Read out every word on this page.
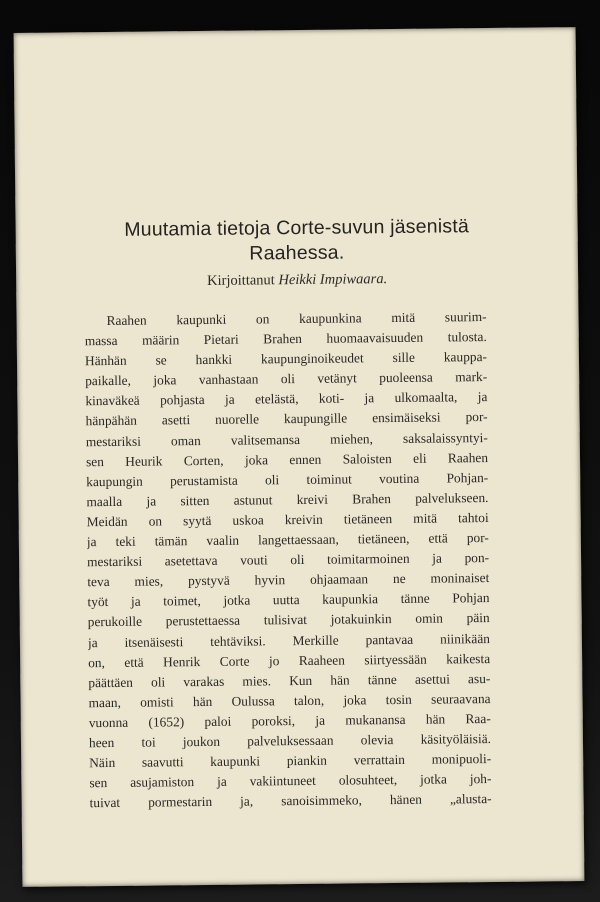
Muutamia tietoja Corte-suvun jäsenistä
Raahessa.
Kirjoittanut Heikki Impiwaara.
Raahen kaupunki on kaupunkina mitä suurim-
massa määrin Pietari Brahen huomaavaisuuden tulosta.
Hänhän se hankki kaupunginoikeudet sille kauppa-
paikalle, joka vanhastaan oli vetänyt puoleensa mark-
kinaväkeä pohjasta ja etelästä, koti- ja ulkomaalta, ja
hänpähän asetti nuorelle kaupungille ensimäiseksi por-
mestariksi oman valitsemansa miehen, saksalaissyntyi-
sen Heurik Corten, joka ennen Saloisten eli Raahen
kaupungin perustamista oli toiminut voutina Pohjan-
maalla ja sitten astunut kreivi Brahen palvelukseen.
Meidän on syytä uskoa kreivin tietäneen mitä tahtoi
ja teki tämän vaalin langettaessaan, tietäneen, että por-
mestariksi asetettava vouti oli toimitarmoinen ja pon-
teva mies, pystyvä hyvin ohjaamaan ne moninaiset
työt ja toimet, jotka uutta kaupunkia tänne Pohjan
perukoille perustettaessa tulisivat jotakuinkin omin päin
ja itsenäisesti tehtäviksi. Merkille pantavaa niinikään
on, että Henrik Corte jo Raaheen siirtyessään kaikesta
päättäen oli varakas mies. Kun hän tänne asettui asu-
maan, omisti hän Oulussa talon, joka tosin seuraavana
vuonna (1652) paloi poroksi, ja mukanansa hän Raa-
heen toi joukon palveluksessaan olevia käsityöläisiä.
Näin saavutti kaupunki piankin verrattain monipuoli-
sen asujamiston ja vakiintuneet olosuhteet, jotka joh-
tuivat pormestarin ja, sanoisimmeko, hänen „alusta-
